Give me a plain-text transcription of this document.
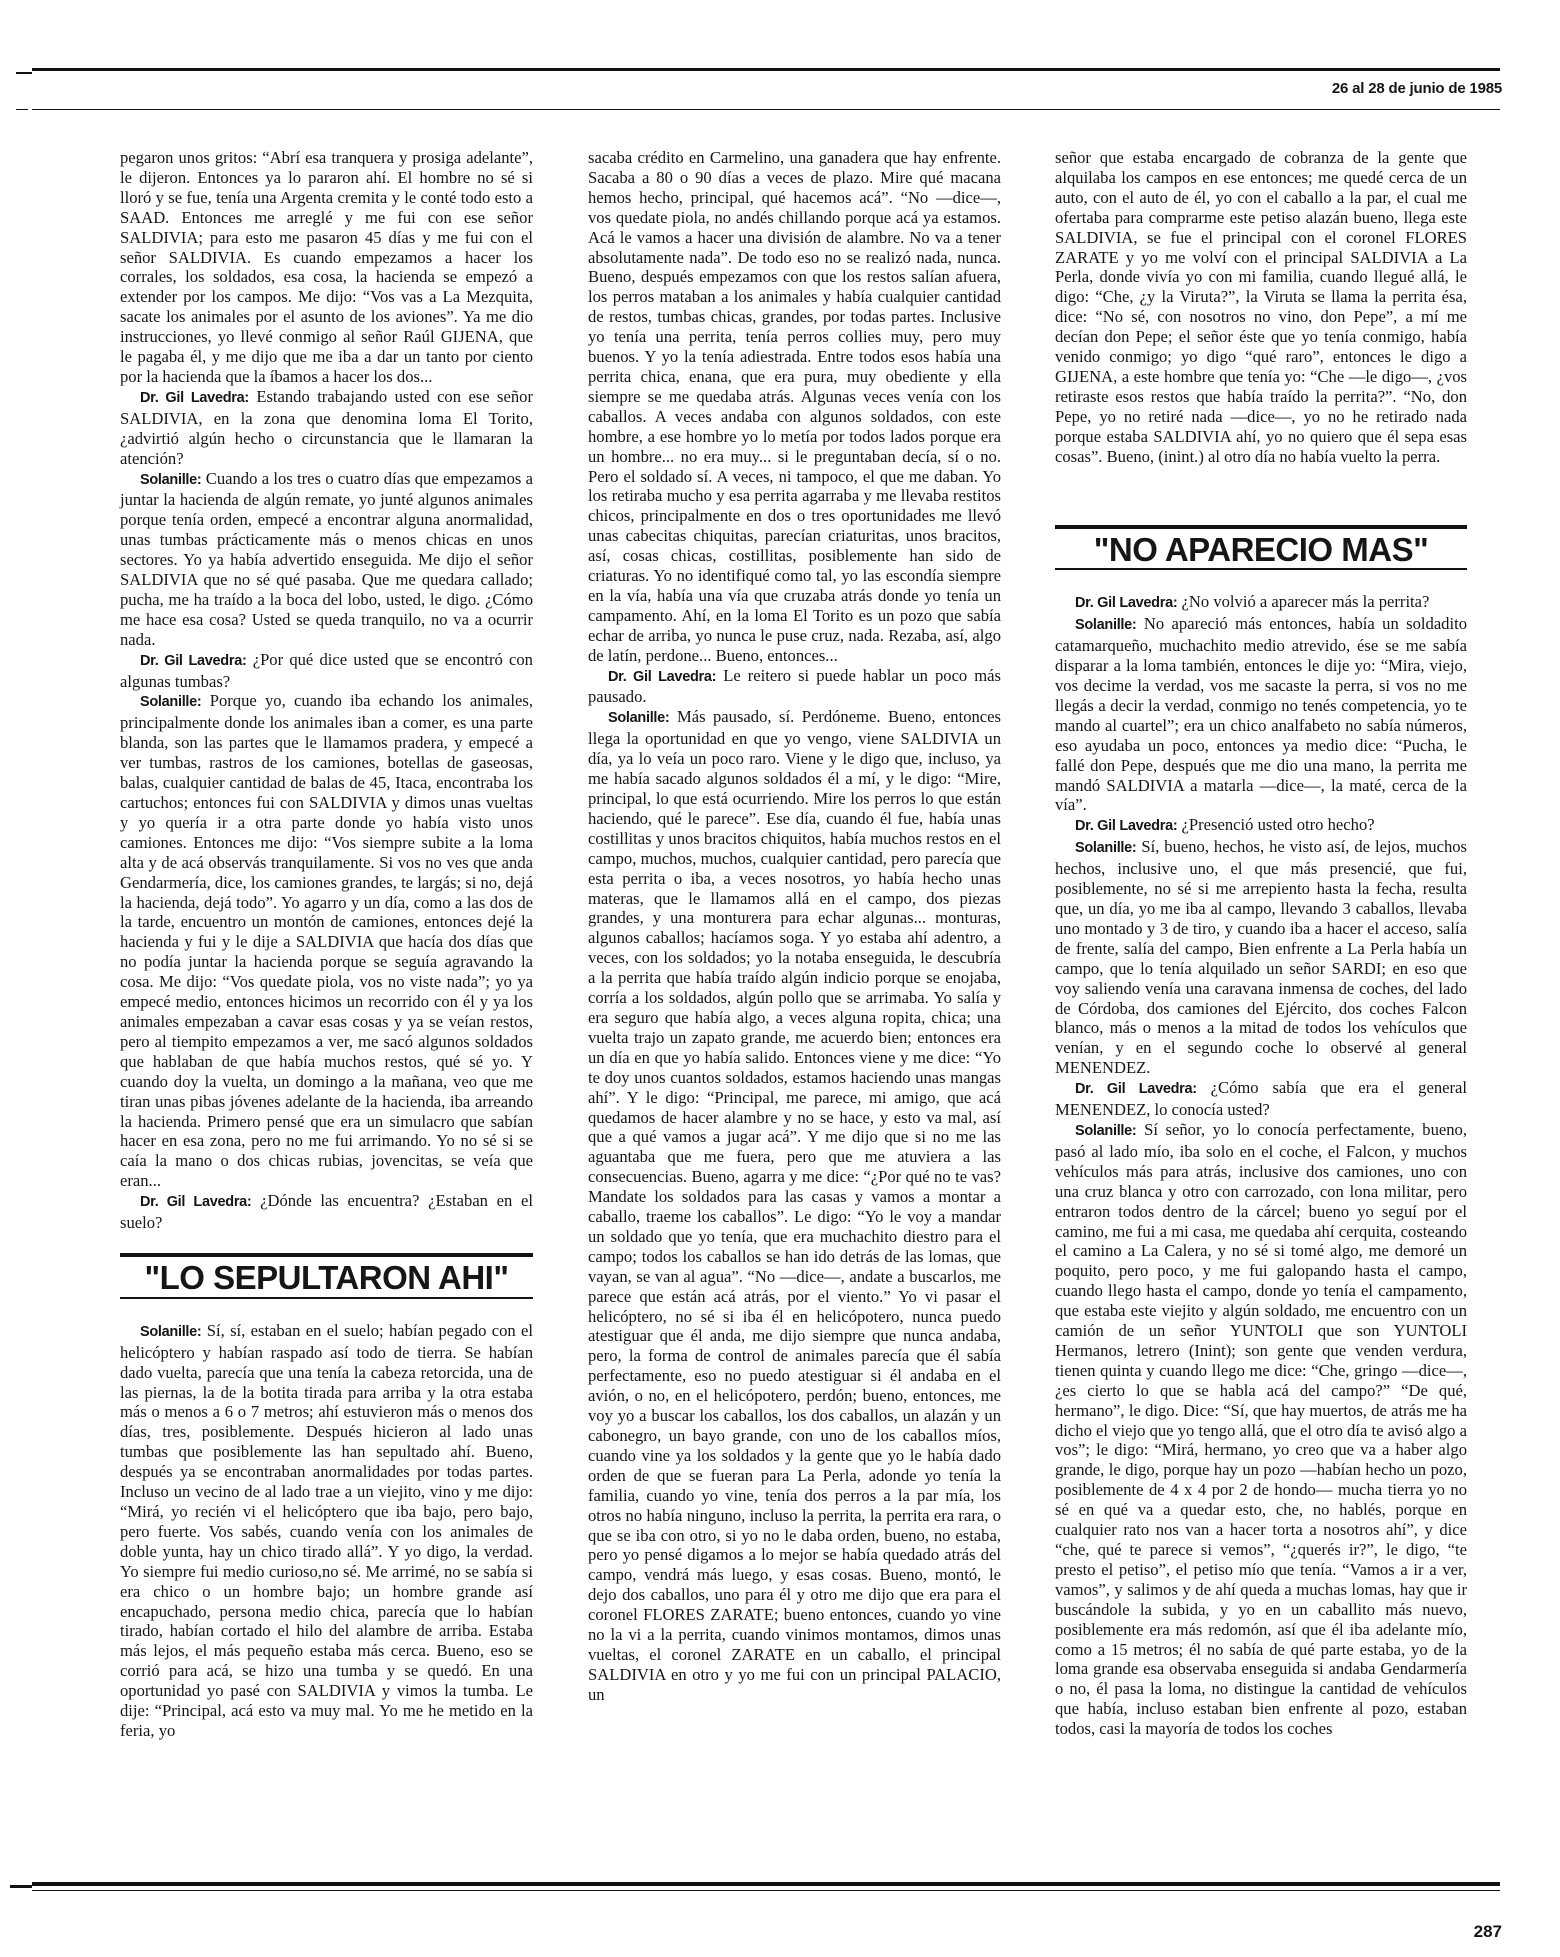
26 al 28 de junio de 1985

pegaron unos gritos: “Abrí esa tranquera y prosiga adelante”, le dijeron. Entonces ya lo pararon ahí. El hombre no sé si lloró y se fue, tenía una Argenta cremita y le conté todo esto a SAAD. Entonces me arreglé y me fui con ese señor SALDIVIA; para esto me pasaron 45 días y me fui con el señor SALDIVIA. Es cuando empezamos a hacer los corrales, los soldados, esa cosa, la hacienda se empezó a extender por los campos. Me dijo: “Vos vas a La Mezquita, sacate los animales por el asunto de los aviones”. Ya me dio instrucciones, yo llevé conmigo al señor Raúl GIJENA, que le pagaba él, y me dijo que me iba a dar un tanto por ciento por la hacienda que la íbamos a hacer los dos...

Dr. Gil Lavedra: Estando trabajando usted con ese señor SALDIVIA, en la zona que denomina loma El Torito, ¿advirtió algún hecho o circunstancia que le llamaran la atención?

Solanille: Cuando a los tres o cuatro días que empezamos a juntar la hacienda de algún remate, yo junté algunos animales porque tenía orden, empecé a encontrar alguna anormalidad, unas tumbas prácticamente más o menos chicas en unos sectores. Yo ya había advertido enseguida. Me dijo el señor SALDIVIA que no sé qué pasaba. Que me quedara callado; pucha, me ha traído a la boca del lobo, usted, le digo. ¿Cómo me hace esa cosa? Usted se queda tranquilo, no va a ocurrir nada.

Dr. Gil Lavedra: ¿Por qué dice usted que se encontró con algunas tumbas?

Solanille: Porque yo, cuando iba echando los animales, principalmente donde los animales iban a comer, es una parte blanda, son las partes que le llamamos pradera, y empecé a ver tumbas, rastros de los camiones, botellas de gaseosas, balas, cualquier cantidad de balas de 45, Itaca, encontraba los cartuchos; entonces fui con SALDIVIA y dimos unas vueltas y yo quería ir a otra parte donde yo había visto unos camiones. Entonces me dijo: “Vos siempre subite a la loma alta y de acá observás tranquilamente. Si vos no ves que anda Gendarmería, dice, los camiones grandes, te largás; si no, dejá la hacienda, dejá todo”. Yo agarro y un día, como a las dos de la tarde, encuentro un montón de camiones, entonces dejé la hacienda y fui y le dije a SALDIVIA que hacía dos días que no podía juntar la hacienda porque se seguía agravando la cosa. Me dijo: “Vos quedate piola, vos no viste nada”; yo ya empecé medio, entonces hicimos un recorrido con él y ya los animales empezaban a cavar esas cosas y ya se veían restos, pero al tiempito empezamos a ver, me sacó algunos soldados que hablaban de que había muchos restos, qué sé yo. Y cuando doy la vuelta, un domingo a la mañana, veo que me tiran unas pibas jóvenes adelante de la hacienda, iba arreando la hacienda. Primero pensé que era un simulacro que sabían hacer en esa zona, pero no me fui arrimando. Yo no sé si se caía la mano o dos chicas rubias, jovencitas, se veía que eran...

Dr. Gil Lavedra: ¿Dónde las encuentra? ¿Estaban en el suelo?

"LO SEPULTARON AHI"

Solanille: Sí, sí, estaban en el suelo; habían pegado con el helicóptero y habían raspado así todo de tierra. Se habían dado vuelta, parecía que una tenía la cabeza retorcida, una de las piernas, la de la botita tirada para arriba y la otra estaba más o menos a 6 o 7 metros; ahí estuvieron más o menos dos días, tres, posiblemente. Después hicieron al lado unas tumbas que posiblemente las han sepultado ahí. Bueno, después ya se encontraban anormalidades por todas partes. Incluso un vecino de al lado trae a un viejito, vino y me dijo: “Mirá, yo recién vi el helicóptero que iba bajo, pero bajo, pero fuerte. Vos sabés, cuando venía con los animales de doble yunta, hay un chico tirado allá”. Y yo digo, la verdad. Yo siempre fui medio curioso,no sé. Me arrimé, no se sabía si era chico o un hombre bajo; un hombre grande así encapuchado, persona medio chica, parecía que lo habían tirado, habían cortado el hilo del alambre de arriba. Estaba más lejos, el más pequeño estaba más cerca. Bueno, eso se corrió para acá, se hizo una tumba y se quedó. En una oportunidad yo pasé con SALDIVIA y vimos la tumba. Le dije: “Principal, acá esto va muy mal. Yo me he metido en la feria, yo

sacaba crédito en Carmelino, una ganadera que hay enfrente. Sacaba a 80 o 90 días a veces de plazo. Mire qué macana hemos hecho, principal, qué hacemos acá”. “No —dice—, vos quedate piola, no andés chillando porque acá ya estamos. Acá le vamos a hacer una división de alambre. No va a tener absolutamente nada”. De todo eso no se realizó nada, nunca. Bueno, después empezamos con que los restos salían afuera, los perros mataban a los animales y había cualquier cantidad de restos, tumbas chicas, grandes, por todas partes. Inclusive yo tenía una perrita, tenía perros collies muy, pero muy buenos. Y yo la tenía adiestrada. Entre todos esos había una perrita chica, enana, que era pura, muy obediente y ella siempre se me quedaba atrás. Algunas veces venía con los caballos. A veces andaba con algunos soldados, con este hombre, a ese hombre yo lo metía por todos lados porque era un hombre... no era muy... si le preguntaban decía, sí o no. Pero el soldado sí. A veces, ni tampoco, el que me daban. Yo los retiraba mucho y esa perrita agarraba y me llevaba restitos chicos, principalmente en dos o tres oportunidades me llevó unas cabecitas chiquitas, parecían criaturitas, unos bracitos, así, cosas chicas, costillitas, posiblemente han sido de criaturas. Yo no identifiqué como tal, yo las escondía siempre en la vía, había una vía que cruzaba atrás donde yo tenía un campamento. Ahí, en la loma El Torito es un pozo que sabía echar de arriba, yo nunca le puse cruz, nada. Rezaba, así, algo de latín, perdone... Bueno, entonces...

Dr. Gil Lavedra: Le reitero si puede hablar un poco más pausado.

Solanille: Más pausado, sí. Perdóneme. Bueno, entonces llega la oportunidad en que yo vengo, viene SALDIVIA un día, ya lo veía un poco raro. Viene y le digo que, incluso, ya me había sacado algunos soldados él a mí, y le digo: “Mire, principal, lo que está ocurriendo. Mire los perros lo que están haciendo, qué le parece”. Ese día, cuando él fue, había unas costillitas y unos bracitos chiquitos, había muchos restos en el campo, muchos, muchos, cualquier cantidad, pero parecía que esta perrita o iba, a veces nosotros, yo había hecho unas materas, que le llamamos allá en el campo, dos piezas grandes, y una monturera para echar algunas... monturas, algunos caballos; hacíamos soga. Y yo estaba ahí adentro, a veces, con los soldados; yo la notaba enseguida, le descubría a la perrita que había traído algún indicio porque se enojaba, corría a los soldados, algún pollo que se arrimaba. Yo salía y era seguro que había algo, a veces alguna ropita, chica; una vuelta trajo un zapato grande, me acuerdo bien; entonces era un día en que yo había salido. Entonces viene y me dice: “Yo te doy unos cuantos soldados, estamos haciendo unas mangas ahí”. Y le digo: “Principal, me parece, mi amigo, que acá quedamos de hacer alambre y no se hace, y esto va mal, así que a qué vamos a jugar acá”. Y me dijo que si no me las aguantaba que me fuera, pero que me atuviera a las consecuencias. Bueno, agarra y me dice: “¿Por qué no te vas? Mandate los soldados para las casas y vamos a montar a caballo, traeme los caballos”. Le digo: “Yo le voy a mandar un soldado que yo tenía, que era muchachito diestro para el campo; todos los caballos se han ido detrás de las lomas, que vayan, se van al agua”. “No —dice—, andate a buscarlos, me parece que están acá atrás, por el viento.” Yo vi pasar el helicóptero, no sé si iba él en helicópotero, nunca puedo atestiguar que él anda, me dijo siempre que nunca andaba, pero, la forma de control de animales parecía que él sabía perfectamente, eso no puedo atestiguar si él andaba en el avión, o no, en el helicópotero, perdón; bueno, entonces, me voy yo a buscar los caballos, los dos caballos, un alazán y un cabonegro, un bayo grande, con uno de los caballos míos, cuando vine ya los soldados y la gente que yo le había dado orden de que se fueran para La Perla, adonde yo tenía la familia, cuando yo vine, tenía dos perros a la par mía, los otros no había ninguno, incluso la perrita, la perrita era rara, o que se iba con otro, si yo no le daba orden, bueno, no estaba, pero yo pensé digamos a lo mejor se había quedado atrás del campo, vendrá más luego, y esas cosas. Bueno, montó, le dejo dos caballos, uno para él y otro me dijo que era para el coronel FLORES ZARATE; bueno entonces, cuando yo vine no la vi a la perrita, cuando vinimos montamos, dimos unas vueltas, el coronel ZARATE en un caballo, el principal SALDIVIA en otro y yo me fui con un principal PALACIO, un

señor que estaba encargado de cobranza de la gente que alquilaba los campos en ese entonces; me quedé cerca de un auto, con el auto de él, yo con el caballo a la par, el cual me ofertaba para comprarme este petiso alazán bueno, llega este SALDIVIA, se fue el principal con el coronel FLORES ZARATE y yo me volví con el principal SALDIVIA a La Perla, donde vivía yo con mi familia, cuando llegué allá, le digo: “Che, ¿y la Viruta?”, la Viruta se llama la perrita ésa, dice: “No sé, con nosotros no vino, don Pepe”, a mí me decían don Pepe; el señor éste que yo tenía conmigo, había venido conmigo; yo digo “qué raro”, entonces le digo a GIJENA, a este hombre que tenía yo: “Che —le digo—, ¿vos retiraste esos restos que había traído la perrita?”. “No, don Pepe, yo no retiré nada —dice—, yo no he retirado nada porque estaba SALDIVIA ahí, yo no quiero que él sepa esas cosas”. Bueno, (inint.) al otro día no había vuelto la perra.

"NO APARECIO MAS"

Dr. Gil Lavedra: ¿No volvió a aparecer más la perrita?

Solanille: No apareció más entonces, había un soldadito catamarqueño, muchachito medio atrevido, ése se me sabía disparar a la loma también, entonces le dije yo: “Mira, viejo, vos decime la verdad, vos me sacaste la perra, si vos no me llegás a decir la verdad, conmigo no tenés competencia, yo te mando al cuartel”; era un chico analfabeto no sabía números, eso ayudaba un poco, entonces ya medio dice: “Pucha, le fallé don Pepe, después que me dio una mano, la perrita me mandó SALDIVIA a matarla —dice—, la maté, cerca de la vía”.

Dr. Gil Lavedra: ¿Presenció usted otro hecho?

Solanille: Sí, bueno, hechos, he visto así, de lejos, muchos hechos, inclusive uno, el que más presencié, que fui, posiblemente, no sé si me arrepiento hasta la fecha, resulta que, un día, yo me iba al campo, llevando 3 caballos, llevaba uno montado y 3 de tiro, y cuando iba a hacer el acceso, salía de frente, salía del campo, Bien enfrente a La Perla había un campo, que lo tenía alquilado un señor SARDI; en eso que voy saliendo venía una caravana inmensa de coches, del lado de Córdoba, dos camiones del Ejército, dos coches Falcon blanco, más o menos a la mitad de todos los vehículos que venían, y en el segundo coche lo observé al general MENENDEZ.

Dr. Gil Lavedra: ¿Cómo sabía que era el general MENENDEZ, lo conocía usted?

Solanille: Sí señor, yo lo conocía perfectamente, bueno, pasó al lado mío, iba solo en el coche, el Falcon, y muchos vehículos más para atrás, inclusive dos camiones, uno con una cruz blanca y otro con carrozado, con lona militar, pero entraron todos dentro de la cárcel; bueno yo seguí por el camino, me fui a mi casa, me quedaba ahí cerquita, costeando el camino a La Calera, y no sé si tomé algo, me demoré un poquito, pero poco, y me fui galopando hasta el campo, cuando llego hasta el campo, donde yo tenía el campamento, que estaba este viejito y algún soldado, me encuentro con un camión de un señor YUNTOLI que son YUNTOLI Hermanos, letrero (Inint); son gente que venden verdura, tienen quinta y cuando llego me dice: “Che, gringo —dice—, ¿es cierto lo que se habla acá del campo?” “De qué, hermano”, le digo. Dice: “Sí, que hay muertos, de atrás me ha dicho el viejo que yo tengo allá, que el otro día te avisó algo a vos”; le digo: “Mirá, hermano, yo creo que va a haber algo grande, le digo, porque hay un pozo —habían hecho un pozo, posiblemente de 4 x 4 por 2 de hondo— mucha tierra yo no sé en qué va a quedar esto, che, no hablés, porque en cualquier rato nos van a hacer torta a nosotros ahí”, y dice “che, qué te parece si vemos”, “¿querés ir?”, le digo, “te presto el petiso”, el petiso mío que tenía. “Vamos a ir a ver, vamos”, y salimos y de ahí queda a muchas lomas, hay que ir buscándole la subida, y yo en un caballito más nuevo, posiblemente era más redomón, así que él iba adelante mío, como a 15 metros; él no sabía de qué parte estaba, yo de la loma grande esa observaba enseguida si andaba Gendarmería o no, él pasa la loma, no distingue la cantidad de vehículos que había, incluso estaban bien enfrente al pozo, estaban todos, casi la mayoría de todos los coches

287
